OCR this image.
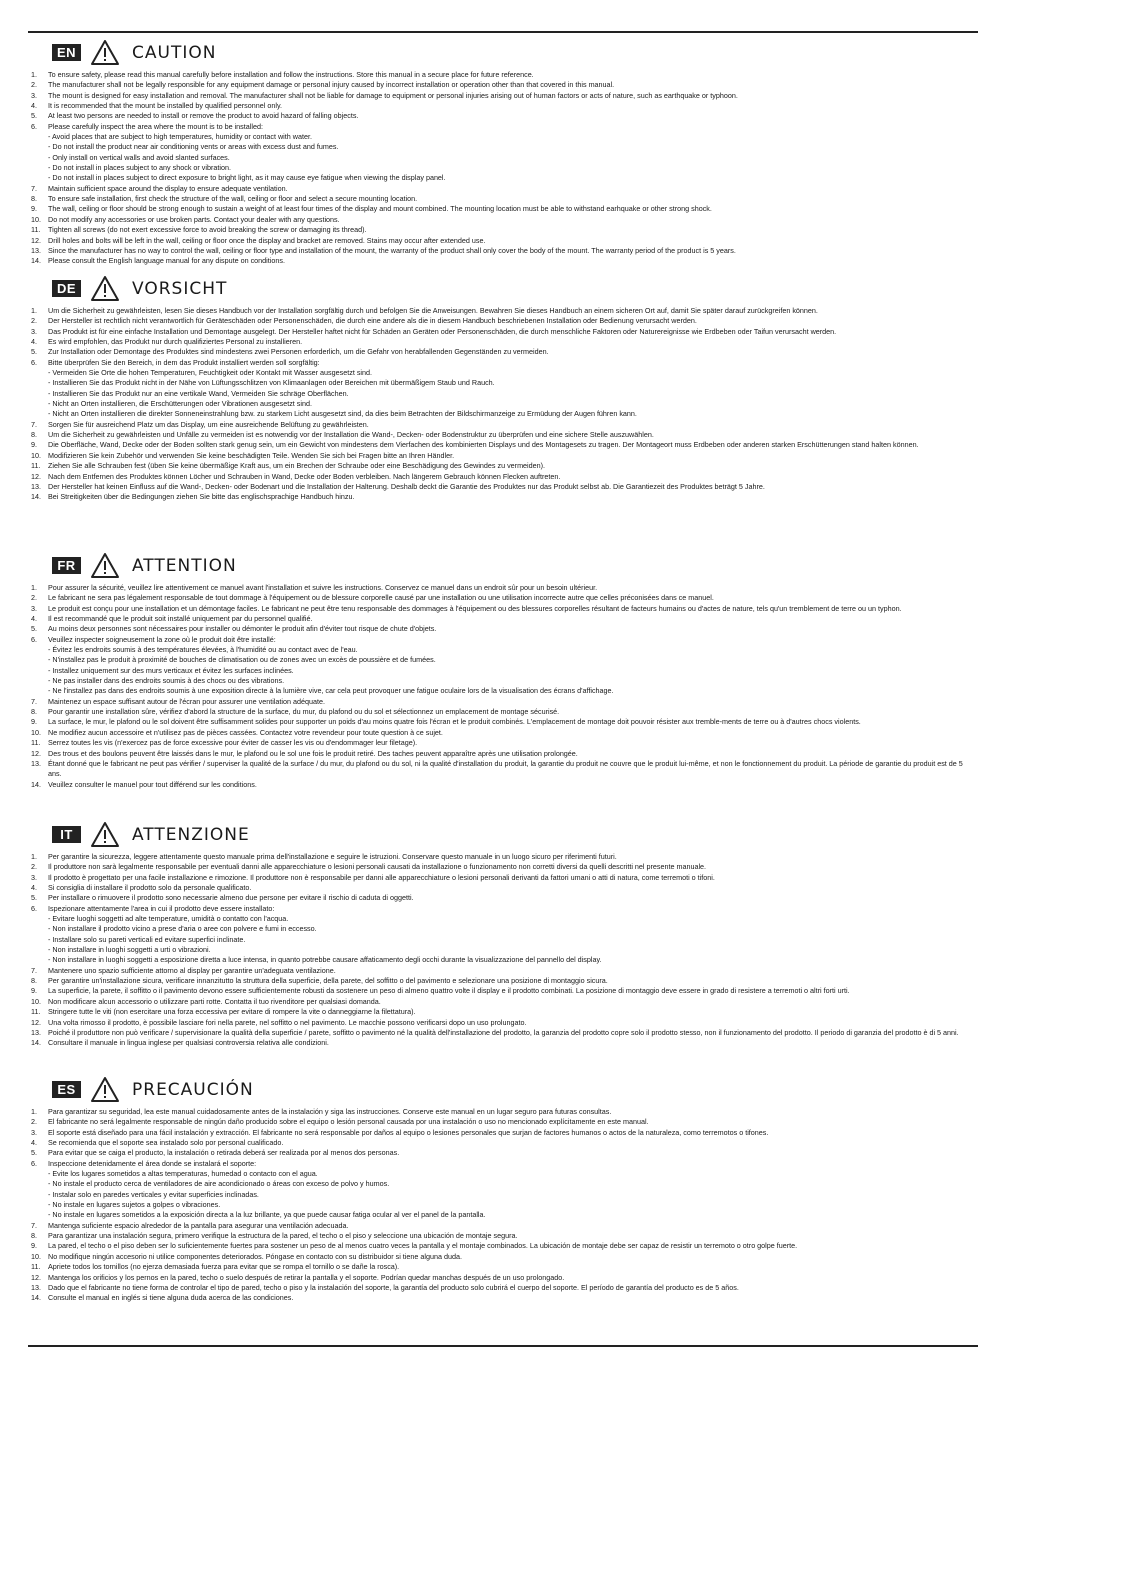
EN	CAUTION
1. To ensure safety, please read this manual carefully before installation and follow the instructions. Store this manual in a secure place for future reference.
2. The manufacturer shall not be legally responsible for any equipment damage or personal injury caused by incorrect installation or operation other than that covered in this manual.
3. The mount is designed for easy installation and removal. The manufacturer shall not be liable for damage to equipment or personal injuries arising out of human factors or acts of nature, such as earthquake or typhoon.
4. It is recommended that the mount be installed by qualified personnel only.
5. At least two persons are needed to install or remove the product to avoid hazard of falling objects.
6. Please carefully inspect the area where the mount is to be installed:
- Avoid places that are subject to high temperatures, humidity or contact with water.
- Do not install the product near air conditioning vents or areas with excess dust and fumes.
- Only install on vertical walls and avoid slanted surfaces.
- Do not install in places subject to any shock or vibration.
- Do not install in places subject to direct exposure to bright light, as it may cause eye fatigue when viewing the display panel.
7. Maintain sufficient space around the display to ensure adequate ventilation.
8. To ensure safe installation, first check the structure of the wall, ceiling or floor and select a secure mounting location.
9. The wall, ceiling or floor should be strong enough to sustain a weight of at least four times of the display and mount combined. The mounting location must be able to withstand earhquake or other strong shock.
10. Do not modify any accessories or use broken parts. Contact your dealer with any questions.
11. Tighten all screws (do not exert excessive force to avoid breaking the screw or damaging its thread).
12. Drill holes and bolts will be left in the wall, ceiling or floor once the display and bracket are removed. Stains may occur after extended use.
13. Since the manufacturer has no way to control the wall, ceiling or floor type and installation of the mount, the warranty of the product shall only cover the body of the mount. The warranty period of the product is 5 years.
14. Please consult the English language manual for any dispute on conditions.
DE	VORSICHT
1. Um die Sicherheit zu gewährleisten, lesen Sie dieses Handbuch vor der Installation sorgfältig durch und befolgen Sie die Anweisungen. Bewahren Sie dieses Handbuch an einem sicheren Ort auf, damit Sie später darauf zurückgreifen können.
2. Der Hersteller ist rechtlich nicht verantwortlich für Geräteschäden oder Personenschäden, die durch eine andere als die in diesem Handbuch beschriebenen Installation oder Bedienung verursacht werden.
3. Das Produkt ist für eine einfache Installation und Demontage ausgelegt. Der Hersteller haftet nicht für Schäden an Geräten oder Personenschäden, die durch menschliche Faktoren oder Naturereignisse wie Erdbeben oder Taifun verursacht werden.
4. Es wird empfohlen, das Produkt nur durch qualifiziertes Personal zu installieren.
5. Zur Installation oder Demontage des Produktes sind mindestens zwei Personen erforderlich, um die Gefahr von herabfallenden Gegenständen zu vermeiden.
6. Bitte überprüfen Sie den Bereich, in dem das Produkt installiert werden soll sorgfältig:
- Vermeiden Sie Orte die hohen Temperaturen, Feuchtigkeit oder Kontakt mit Wasser ausgesetzt sind.
- Installieren Sie das Produkt nicht in der Nähe von Lüftungsschlitzen von Klimaanlagen oder Bereichen mit übermäßigem Staub und Rauch.
- Installieren Sie das Produkt nur an eine vertikale Wand, Vermeiden Sie schräge Oberflächen.
- Nicht an Orten installieren, die Erschütterungen oder Vibrationen ausgesetzt sind.
- Nicht an Orten installieren die direkter Sonneneinstrahlung bzw. zu starkem Licht ausgesetzt sind, da dies beim Betrachten der Bildschirmanzeige zu Ermüdung der Augen führen kann.
7. Sorgen Sie für ausreichend Platz um das Display, um eine ausreichende Belüftung zu gewährleisten.
8. Um die Sicherheit zu gewährleisten und Unfälle zu vermeiden ist es notwendig vor der Installation die Wand-, Decken- oder Bodenstruktur zu überprüfen und eine sichere Stelle auszuwählen.
9. Die Oberfläche, Wand, Decke oder der Boden sollten stark genug sein, um ein Gewicht von mindestens dem Vierfachen des kombinierten Displays und des Montagesets zu tragen. Der Montageort muss Erdbeben oder anderen starken Erschütterungen stand halten können.
10. Modifizieren Sie kein Zubehör und verwenden Sie keine beschädigten Teile. Wenden Sie sich bei Fragen bitte an Ihren Händler.
11. Ziehen Sie alle Schrauben fest (üben Sie keine übermäßige Kraft aus, um ein Brechen der Schraube oder eine Beschädigung des Gewindes zu vermeiden).
12. Nach dem Entfernen des Produktes können Löcher und Schrauben in Wand, Decke oder Boden verbleiben. Nach längerem Gebrauch können Flecken auftreten.
13. Der Hersteller hat keinen Einfluss auf die Wand-, Decken- oder Bodenart und die Installation der Halterung. Deshalb deckt die Garantie des Produktes nur das Produkt selbst ab. Die Garantiezeit des Produktes beträgt 5 Jahre.
14. Bei Streitigkeiten über die Bedingungen ziehen Sie bitte das englischsprachige Handbuch hinzu.
FR	ATTENTION
1. Pour assurer la sécurité, veuillez lire attentivement ce manuel avant l'installation et suivre les instructions. Conservez ce manuel dans un endroit sûr pour un besoin ultérieur.
2. Le fabricant ne sera pas légalement responsable de tout dommage à l'équipement ou de blessure corporelle causé par une installation ou une utilisation incorrecte autre que celles préconisées dans ce manuel.
3. Le produit est conçu pour une installation et un démontage faciles. Le fabricant ne peut être tenu responsable des dommages à l'équipement ou des blessures corporelles résultant de facteurs humains ou d'actes de nature, tels qu'un tremblement de terre ou un typhon.
4. Il est recommandé que le produit soit installé uniquement par du personnel qualifié.
5. Au moins deux personnes sont nécessaires pour installer ou démonter le produit afin d'éviter tout risque de chute d'objets.
6. Veuillez inspecter soigneusement la zone où le produit doit être installé:
- Évitez les endroits soumis à des températures élevées, à l'humidité ou au contact avec de l'eau.
- N'installez pas le produit à proximité de bouches de climatisation ou de zones avec un excès de poussière et de fumées.
- Installez uniquement sur des murs verticaux et évitez les surfaces inclinées.
- Ne pas installer dans des endroits soumis à des chocs ou des vibrations.
- Ne l'installez pas dans des endroits soumis à une exposition directe à la lumière vive, car cela peut provoquer une fatigue oculaire lors de la visualisation des écrans d'affichage.
7. Maintenez un espace suffisant autour de l'écran pour assurer une ventilation adéquate.
8. Pour garantir une installation sûre, vérifiez d'abord la structure de la surface, du mur, du plafond ou du sol et sélectionnez un emplacement de montage sécurisé.
9. La surface, le mur, le plafond ou le sol doivent être suffisamment solides pour supporter un poids d'au moins quatre fois l'écran et le produit combinés. L'emplacement de montage doit pouvoir résister aux tremble-ments de terre ou à d'autres chocs violents.
10. Ne modifiez aucun accessoire et n'utilisez pas de pièces cassées. Contactez votre revendeur pour toute question à ce sujet.
11. Serrez toutes les vis (n'exercez pas de force excessive pour éviter de casser les vis ou d'endommager leur filetage).
12. Des trous et des boulons peuvent être laissés dans le mur, le plafond ou le sol une fois le produit retiré. Des taches peuvent apparaître après une utilisation prolongée.
13. Étant donné que le fabricant ne peut pas vérifier / superviser la qualité de la surface / du mur, du plafond ou du sol, ni la qualité d'installation du produit, la garantie du produit ne couvre que le produit lui-même, et non le fonctionnement du produit. La période de garantie du produit est de 5 ans.
14. Veuillez consulter le manuel pour tout différend sur les conditions.
IT	ATTENZIONE
1. Per garantire la sicurezza, leggere attentamente questo manuale prima dell'installazione e seguire le istruzioni. Conservare questo manuale in un luogo sicuro per riferimenti futuri.
2. Il produttore non sarà legalmente responsabile per eventuali danni alle apparecchiature o lesioni personali causati da installazione o funzionamento non corretti diversi da quelli descritti nel presente manuale.
3. Il prodotto è progettato per una facile installazione e rimozione. Il produttore non è responsabile per danni alle apparecchiature o lesioni personali derivanti da fattori umani o atti di natura, come terremoti o tifoni.
4. Si consiglia di installare il prodotto solo da personale qualificato.
5. Per installare o rimuovere il prodotto sono necessarie almeno due persone per evitare il rischio di caduta di oggetti.
6. Ispezionare attentamente l'area in cui il prodotto deve essere installato:
- Evitare luoghi soggetti ad alte temperature, umidità o contatto con l'acqua.
- Non installare il prodotto vicino a prese d'aria o aree con polvere e fumi in eccesso.
- Installare solo su pareti verticali ed evitare superfici inclinate.
- Non installare in luoghi soggetti a urti o vibrazioni.
- Non installare in luoghi soggetti a esposizione diretta a luce intensa, in quanto potrebbe causare affaticamento degli occhi durante la visualizzazione del pannello del display.
7. Mantenere uno spazio sufficiente attorno al display per garantire un'adeguata ventilazione.
8. Per garantire un'installazione sicura, verificare innanzitutto la struttura della superficie, della parete, del soffitto o del pavimento e selezionare una posizione di montaggio sicura.
9. La superficie, la parete, il soffitto o il pavimento devono essere sufficientemente robusti da sostenere un peso di almeno quattro volte il display e il prodotto combinati. La posizione di montaggio deve essere in grado di resistere a terremoti o altri forti urti.
10. Non modificare alcun accessorio o utilizzare parti rotte. Contatta il tuo rivenditore per qualsiasi domanda.
11. Stringere tutte le viti (non esercitare una forza eccessiva per evitare di rompere la vite o danneggiarne la filettatura).
12. Una volta rimosso il prodotto, è possibile lasciare fori nella parete, nel soffitto o nel pavimento. Le macchie possono verificarsi dopo un uso prolungato.
13. Poiché il produttore non può verificare / supervisionare la qualità della superficie / parete, soffitto o pavimento né la qualità dell'installazione del prodotto, la garanzia del prodotto copre solo il prodotto stesso, non il funzionamento del prodotto. Il periodo di garanzia del prodotto è di 5 anni.
14. Consultare il manuale in lingua inglese per qualsiasi controversia relativa alle condizioni.
ES	PRECAUCIÓN
1. Para garantizar su seguridad, lea este manual cuidadosamente antes de la instalación y siga las instrucciones. Conserve este manual en un lugar seguro para futuras consultas.
2. El fabricante no será legalmente responsable de ningún daño producido sobre el equipo o lesión personal causada por una instalación o uso no mencionado explícitamente en este manual.
3. El soporte está diseñado para una fácil instalación y extracción. El fabricante no será responsable por daños al equipo o lesiones personales que surjan de factores humanos o actos de la naturaleza, como terremotos o tifones.
4. Se recomienda que el soporte sea instalado solo por personal cualificado.
5. Para evitar que se caiga el producto, la instalación o retirada deberá ser realizada por al menos dos personas.
6. Inspeccione detenidamente el área donde se instalará el soporte:
- Evite los lugares sometidos a altas temperaturas, humedad o contacto con el agua.
- No instale el producto cerca de ventiladores de aire acondicionado o áreas con exceso de polvo y humos.
- Instalar solo en paredes verticales y evitar superficies inclinadas.
- No instale en lugares sujetos a golpes o vibraciones.
- No instale en lugares sometidos a la exposición directa a la luz brillante, ya que puede causar fatiga ocular al ver el panel de la pantalla.
7. Mantenga suficiente espacio alrededor de la pantalla para asegurar una ventilación adecuada.
8. Para garantizar una instalación segura, primero verifique la estructura de la pared, el techo o el piso y seleccione una ubicación de montaje segura.
9. La pared, el techo o el piso deben ser lo suficientemente fuertes para sostener un peso de al menos cuatro veces la pantalla y el montaje combinados. La ubicación de montaje debe ser capaz de resistir un terremoto o otro golpe fuerte.
10. No modifique ningún accesorio ni utilice componentes deteriorados. Póngase en contacto con su distribuidor si tiene alguna duda.
11. Apriete todos los tornillos (no ejerza demasiada fuerza para evitar que se rompa el tornillo o se dañe la rosca).
12. Mantenga los orificios y los pernos en la pared, techo o suelo después de retirar la pantalla y el soporte. Podrían quedar manchas después de un uso prolongado.
13. Dado que el fabricante no tiene forma de controlar el tipo de pared, techo o piso y la instalación del soporte, la garantía del producto solo cubrirá el cuerpo del soporte. El período de garantía del producto es de 5 años.
14. Consulte el manual en inglés si tiene alguna duda acerca de las condiciones.
